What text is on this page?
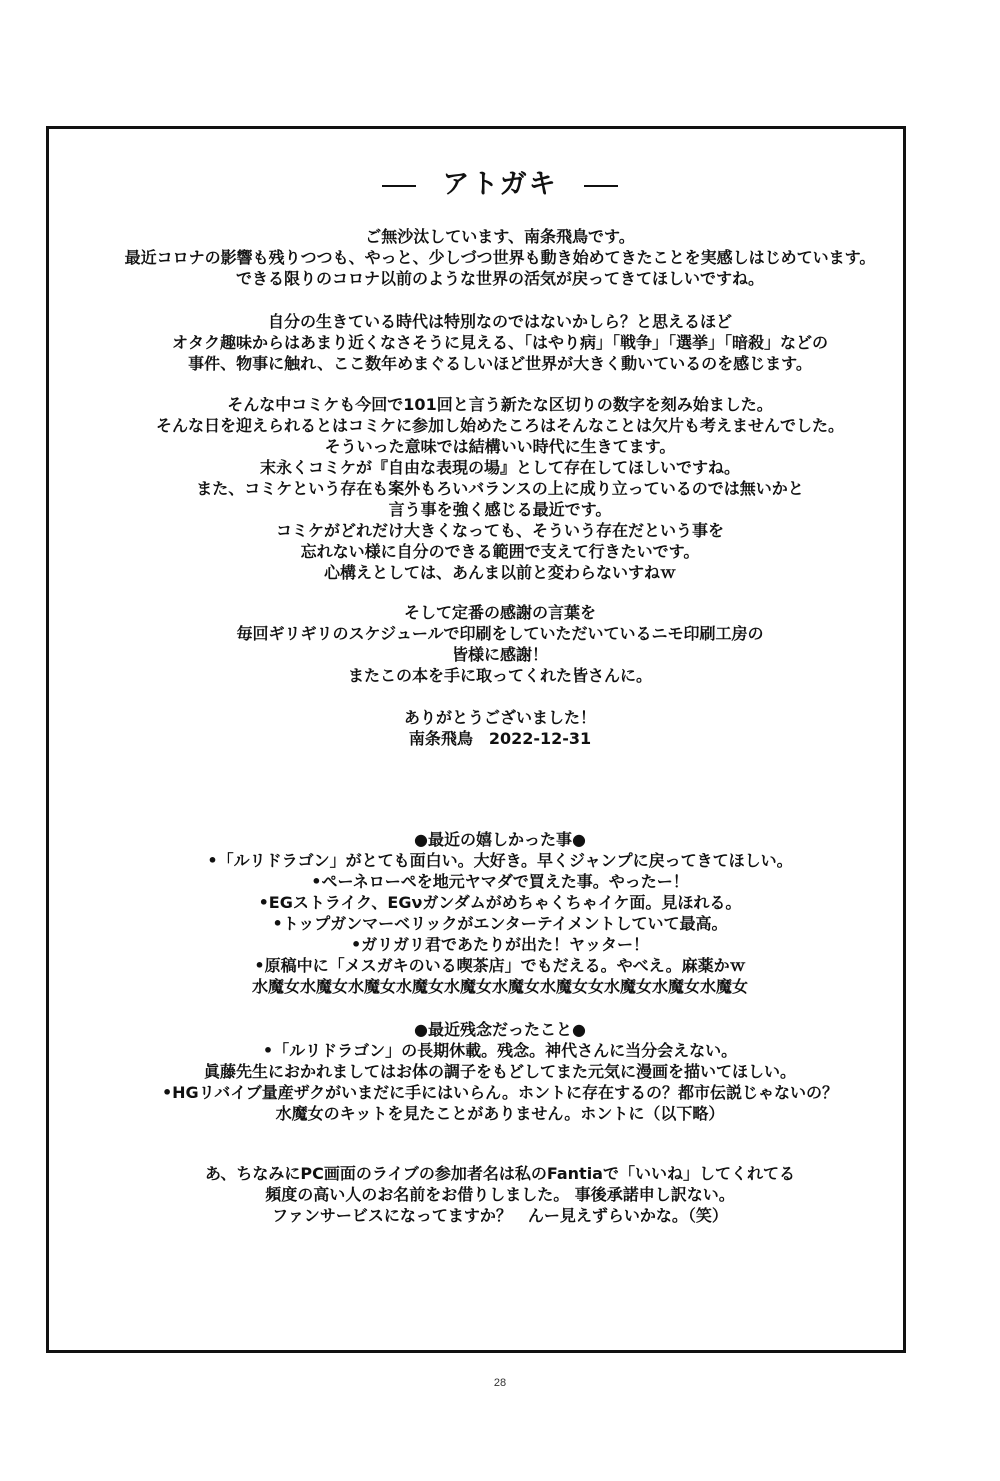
アトガキ
ご無沙汰しています、南条飛鳥です。
最近コロナの影響も残りつつも、やっと、少しづつ世界も動き始めてきたことを実感しはじめています。
できる限りのコロナ以前のような世界の活気が戻ってきてほしいですね。
自分の生きている時代は特別なのではないかしら？と思えるほど
オタク趣味からはあまり近くなさそうに見える、「はやり病」「戦争」「選挙」「暗殺」などの
事件、物事に触れ、ここ数年めまぐるしいほど世界が大きく動いているのを感じます。
そんな中コミケも今回で101回と言う新たな区切りの数字を刻み始ました。
そんな日を迎えられるとはコミケに参加し始めたころはそんなことは欠片も考えませんでした。
そういった意味では結構いい時代に生きてます。
末永くコミケが『自由な表現の場』として存在してほしいですね。
また、コミケという存在も案外もろいバランスの上に成り立っているのでは無いかと
言う事を強く感じる最近です。
コミケがどれだけ大きくなっても、そういう存在だという事を
忘れない様に自分のできる範囲で支えて行きたいです。
心構えとしては、あんま以前と変わらないすねｗ
そして定番の感謝の言葉を
毎回ギリギリのスケジュールで印刷をしていただいているニモ印刷工房の
皆様に感謝！
またこの本を手に取ってくれた皆さんに。
ありがとうございました！
南条飛鳥　2022-12-31
●最近の嬉しかった事●
•「ルリドラゴン」がとても面白い。大好き。早くジャンプに戻ってきてほしい。
•ペーネローペを地元ヤマダで買えた事。やったー！
•EGストライク、EGνガンダムがめちゃくちゃイケ面。見ほれる。
•トップガンマーベリックがエンターテイメントしていて最高。
•ガリガリ君であたりが出た！ヤッター！
•原稿中に「メスガキのいる喫茶店」でもだえる。やべえ。麻薬かｗ
水魔女水魔女水魔女水魔女水魔女水魔女水魔女女水魔女水魔女水魔女
●最近残念だったこと●
•「ルリドラゴン」の長期休載。残念。神代さんに当分会えない。
眞藤先生におかれましてはお体の調子をもどしてまた元気に漫画を描いてほしい。
•HGリバイブ量産ザクがいまだに手にはいらん。ホントに存在するの？都市伝説じゃないの？
水魔女のキットを見たことがありません。ホントに（以下略）
あ、ちなみにPC画面のライブの参加者名は私のFantiaで「いいね」してくれてる
頻度の高い人のお名前をお借りしました。 事後承諾申し訳ない。
ファンサービスになってますか？　んー見えずらいかな。（笑）
28
